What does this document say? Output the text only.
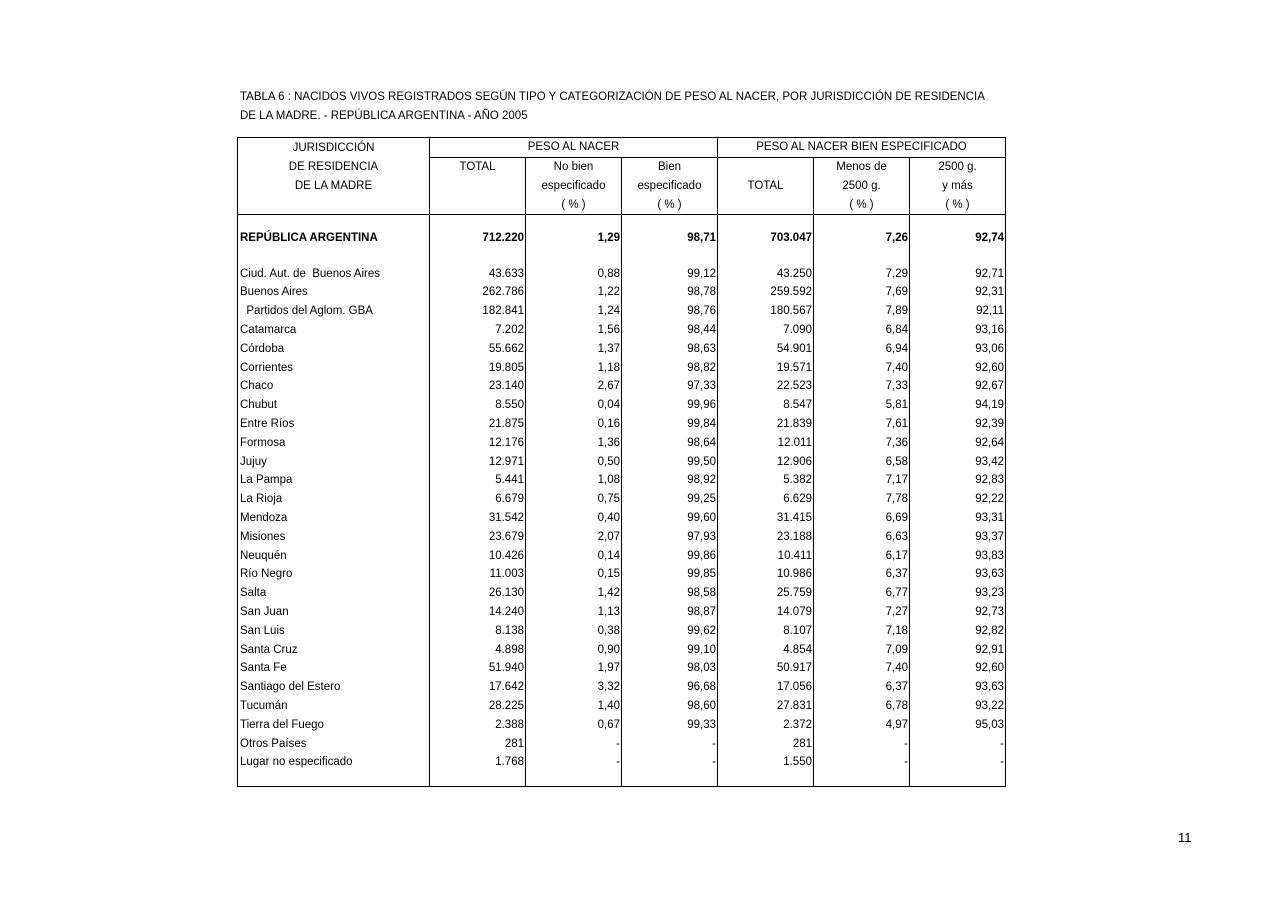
TABLA 6 : NACIDOS VIVOS REGISTRADOS SEGÚN TIPO Y CATEGORIZACIÓN DE PESO AL NACER, POR JURISDICCIÓN DE RESIDENCIA
DE LA MADRE. - REPÚBLICA ARGENTINA - AÑO 2005
JURISDICCIÓN	PESO AL NACER			PESO AL NACER BIEN ESPECIFICADO		
DE RESIDENCIA	TOTAL	No bien	Bien		Menos de	2500 g.
DE LA MADRE		especificado	especificado	TOTAL	2500 g.	y más
		( % )	( % )		( % )	( % )

REPÚBLICA ARGENTINA	712.220	1,29	98,71	703.047	7,26	92,74

Ciud. Aut. de  Buenos Aires	43.633	0,88	99,12	43.250	7,29	92,71
Buenos Aires	262.786	1,22	98,78	259.592	7,69	92,31
Partidos del Aglom. GBA	182.841	1,24	98,76	180.567	7,89	92,11
Catamarca	7.202	1,56	98,44	7.090	6,84	93,16
Córdoba	55.662	1,37	98,63	54.901	6,94	93,06
Corrientes	19.805	1,18	98,82	19.571	7,40	92,60
Chaco	23.140	2,67	97,33	22.523	7,33	92,67
Chubut	8.550	0,04	99,96	8.547	5,81	94,19
Entre Ríos	21.875	0,16	99,84	21.839	7,61	92,39
Formosa	12.176	1,36	98,64	12.011	7,36	92,64
Jujuy	12.971	0,50	99,50	12.906	6,58	93,42
La Pampa	5.441	1,08	98,92	5.382	7,17	92,83
La Rioja	6.679	0,75	99,25	6.629	7,78	92,22
Mendoza	31.542	0,40	99,60	31.415	6,69	93,31
Misiones	23.679	2,07	97,93	23.188	6,63	93,37
Neuquén	10.426	0,14	99,86	10.411	6,17	93,83
Río Negro	11.003	0,15	99,85	10.986	6,37	93,63
Salta	26.130	1,42	98,58	25.759	6,77	93,23
San Juan	14.240	1,13	98,87	14.079	7,27	92,73
San Luis	8.138	0,38	99,62	8.107	7,18	92,82
Santa Cruz	4.898	0,90	99,10	4.854	7,09	92,91
Santa Fe	51.940	1,97	98,03	50.917	7,40	92,60
Santiago del Estero	17.642	3,32	96,68	17.056	6,37	93,63
Tucumán	28.225	1,40	98,60	27.831	6,78	93,22
Tierra del Fuego	2.388	0,67	99,33	2.372	4,97	95,03
Otros Países	281	-	-	281	-	-
Lugar no especificado	1.768	-	-	1.550	-	-

11
